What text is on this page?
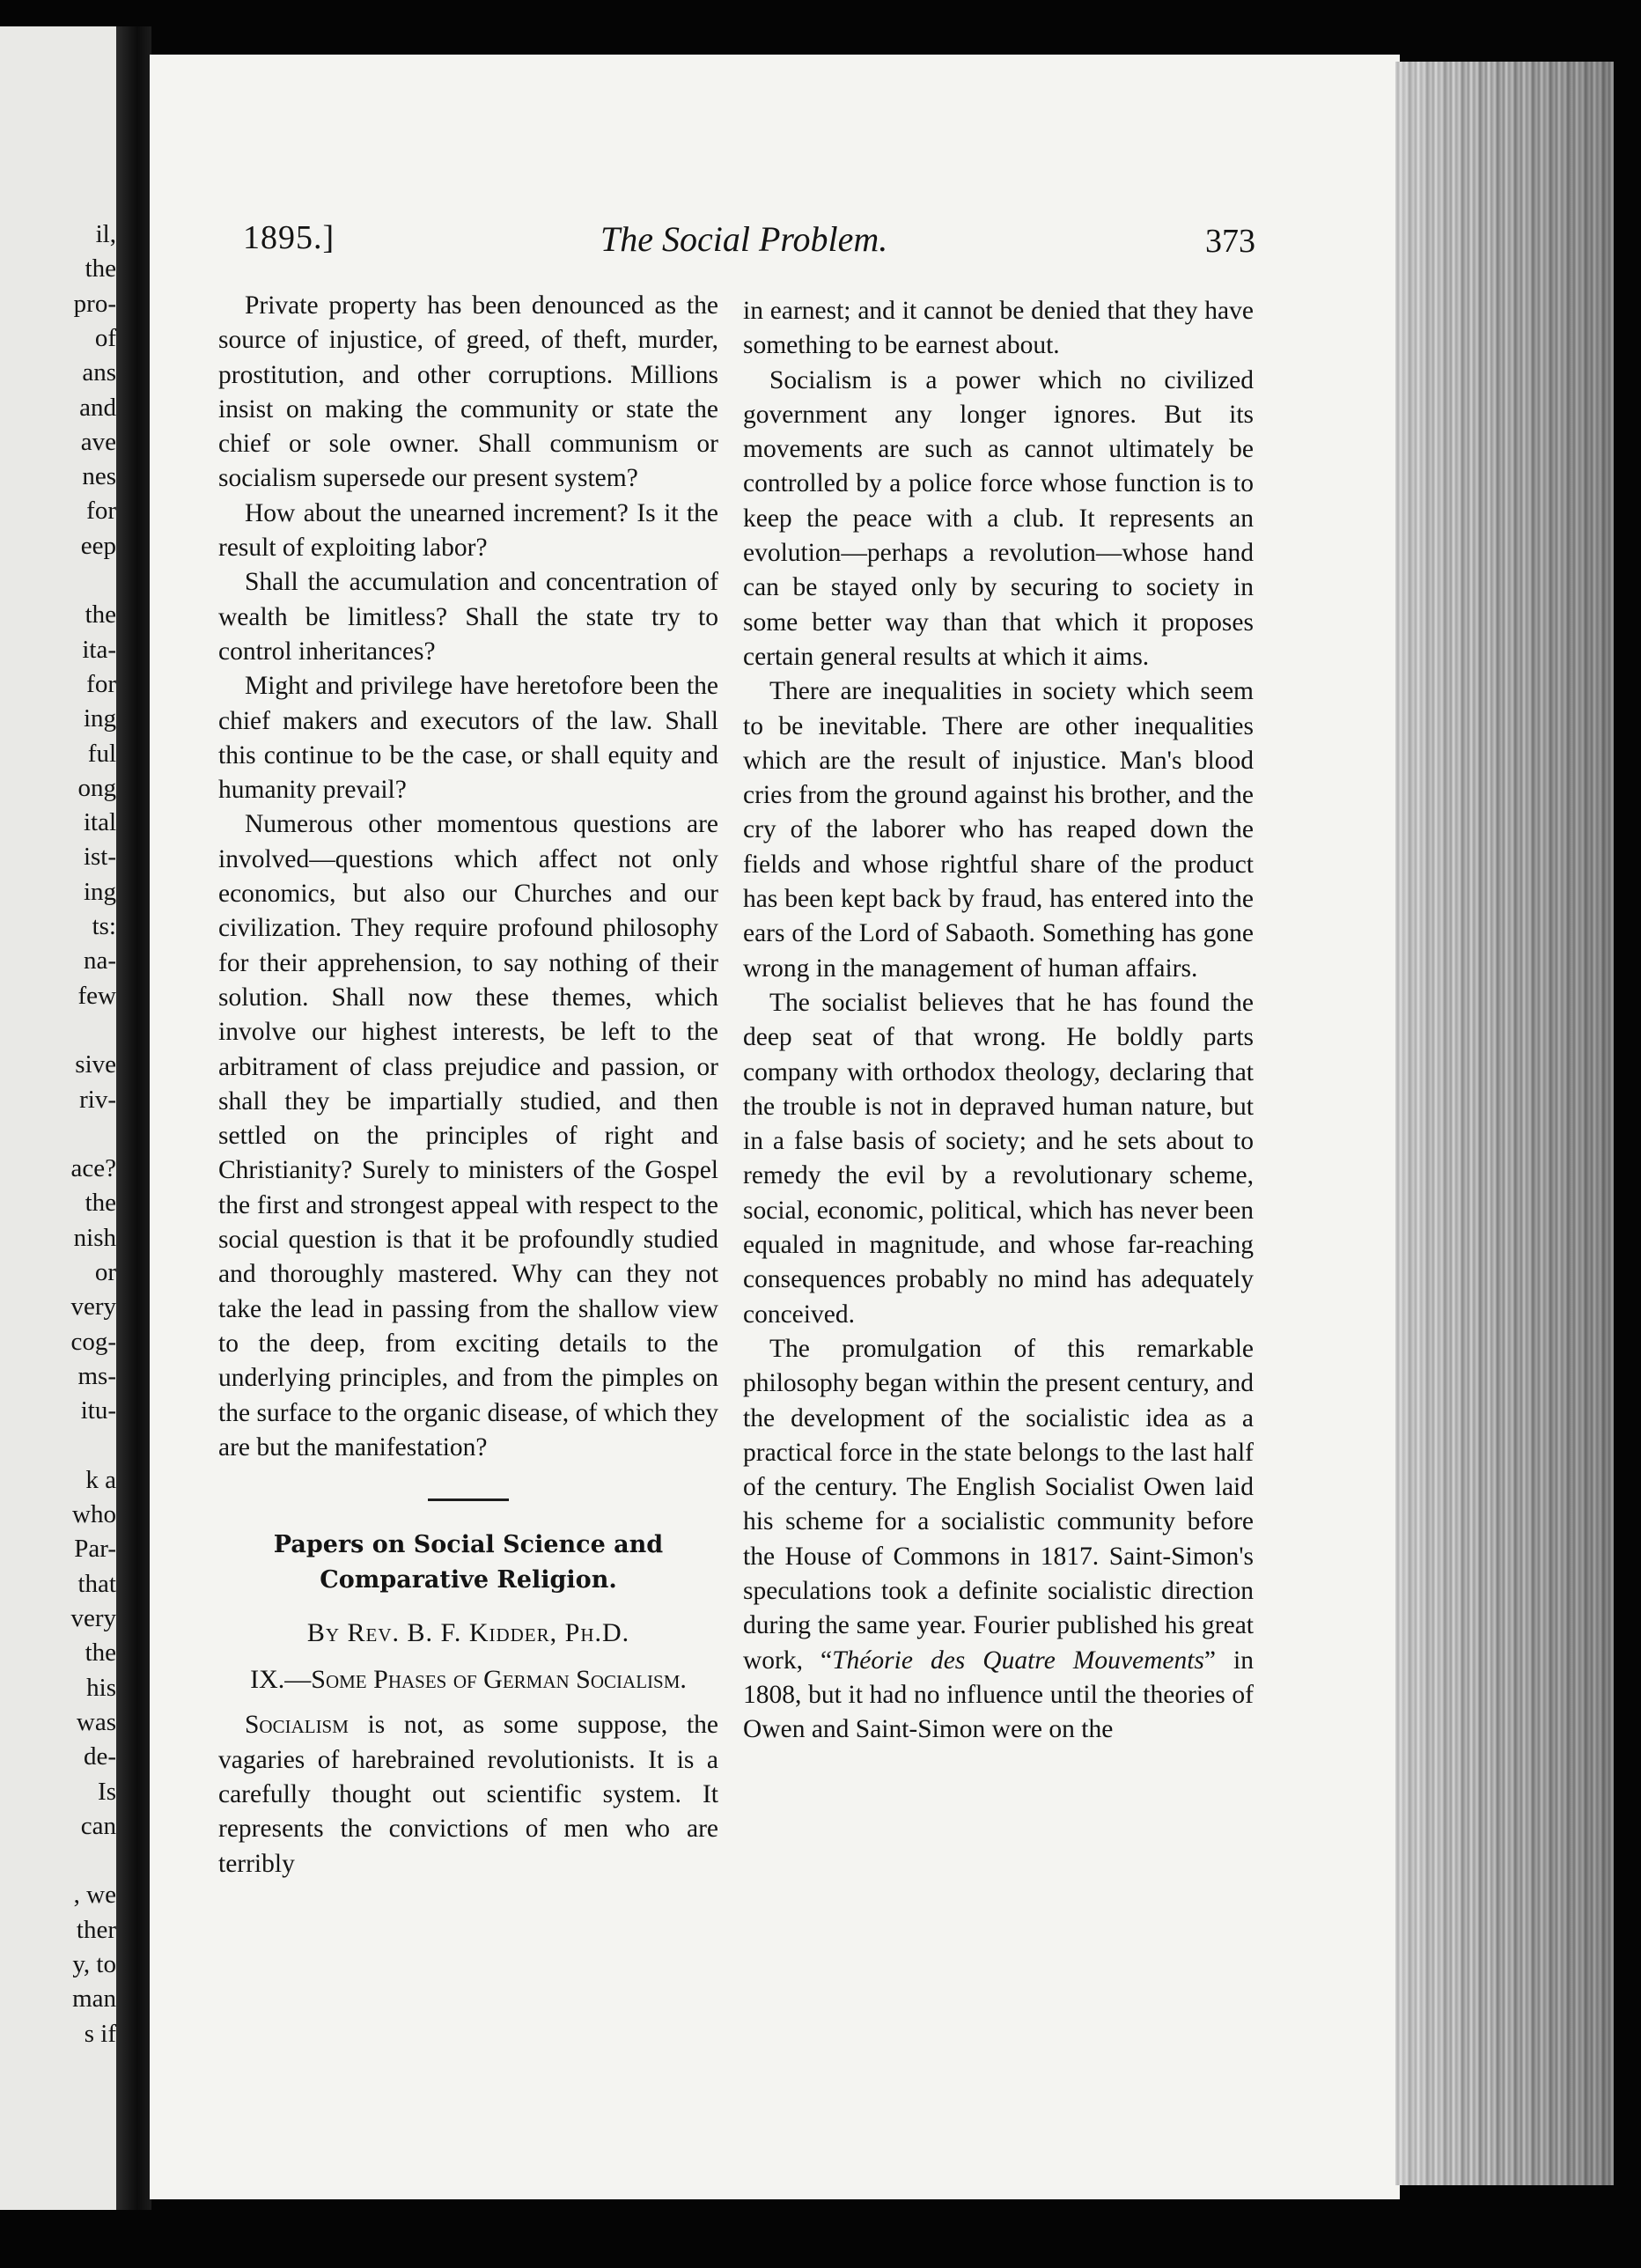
il,
the
pro-
of
ans
and
ave
nes
for
eep
the
ita-
for
ing
ful
ong
ital
ist-
ing
ts:
na-
few
sive
riv-
ace?
the
nish
or
very
cog-
ms-
itu-
k a
who
Par-
that
very
the
his
was
de-
Is
can
, we
ther
y, to
man
s if
1895.]	The Social Problem.	373

Private property has been denounced as the source of injustice, of greed, of theft, murder, prostitution, and other corruptions. Millions insist on making the community or state the chief or sole owner. Shall communism or socialism supersede our present system?

How about the unearned increment? Is it the result of exploiting labor?

Shall the accumulation and concentration of wealth be limitless? Shall the state try to control inheritances?

Might and privilege have heretofore been the chief makers and executors of the law. Shall this continue to be the case, or shall equity and humanity prevail?

Numerous other momentous questions are involved—questions which affect not only economics, but also our Churches and our civilization. They require profound philosophy for their apprehension, to say nothing of their solution. Shall now these themes, which involve our highest interests, be left to the arbitrament of class prejudice and passion, or shall they be impartially studied, and then settled on the principles of right and Christianity? Surely to ministers of the Gospel the first and strongest appeal with respect to the social question is that it be profoundly studied and thoroughly mastered. Why can they not take the lead in passing from the shallow view to the deep, from exciting details to the underlying principles, and from the pimples on the surface to the organic disease, of which they are but the manifestation?

Papers on Social Science and Comparative Religion.
By Rev. B. F. Kidder, Ph.D.
IX.—Some Phases of German Socialism.

Socialism is not, as some suppose, the vagaries of harebrained revolutionists. It is a carefully thought out scientific system. It represents the convictions of men who are terribly

in earnest; and it cannot be denied that they have something to be earnest about.

Socialism is a power which no civilized government any longer ignores. But its movements are such as cannot ultimately be controlled by a police force whose function is to keep the peace with a club. It represents an evolution—perhaps a revolution—whose hand can be stayed only by securing to society in some better way than that which it proposes certain general results at which it aims.

There are inequalities in society which seem to be inevitable. There are other inequalities which are the result of injustice. Man's blood cries from the ground against his brother, and the cry of the laborer who has reaped down the fields and whose rightful share of the product has been kept back by fraud, has entered into the ears of the Lord of Sabaoth. Something has gone wrong in the management of human affairs.

The socialist believes that he has found the deep seat of that wrong. He boldly parts company with orthodox theology, declaring that the trouble is not in depraved human nature, but in a false basis of society; and he sets about to remedy the evil by a revolutionary scheme, social, economic, political, which has never been equaled in magnitude, and whose far-reaching consequences probably no mind has adequately conceived.

The promulgation of this remarkable philosophy began within the present century, and the development of the socialistic idea as a practical force in the state belongs to the last half of the century. The English Socialist Owen laid his scheme for a socialistic community before the House of Commons in 1817. Saint-Simon's speculations took a definite socialistic direction during the same year. Fourier published his great work, “Théorie des Quatre Mouvements” in 1808, but it had no influence until the theories of Owen and Saint-Simon were on the
